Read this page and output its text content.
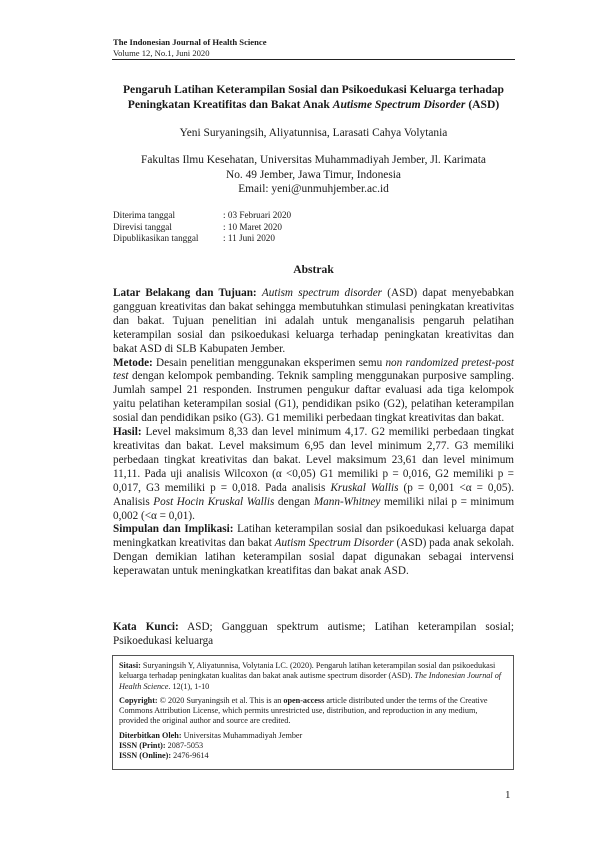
The Indonesian Journal of Health Science
Volume 12, No.1, Juni 2020
Pengaruh Latihan Keterampilan Sosial dan Psikoedukasi Keluarga terhadap
Peningkatan Kreatifitas dan Bakat Anak Autisme Spectrum Disorder (ASD)
Yeni Suryaningsih, Aliyatunnisa, Larasati Cahya Volytania
Fakultas Ilmu Kesehatan, Universitas Muhammadiyah Jember, Jl. Karimata
No. 49 Jember, Jawa Timur, Indonesia
Email: yeni@unmuhjember.ac.id
Diterima tanggal	: 03 Februari 2020
Direvisi tanggal	: 10 Maret 2020
Dipublikasikan tanggal	: 11 Juni 2020
Abstrak

Latar Belakang dan Tujuan: Autism spectrum disorder (ASD) dapat menyebabkan gangguan kreativitas dan bakat sehingga membutuhkan stimulasi peningkatan kreativitas dan bakat. Tujuan penelitian ini adalah untuk menganalisis pengaruh pelatihan keterampilan sosial dan psikoedukasi keluarga terhadap peningkatan kreativitas dan bakat ASD di SLB Kabupaten Jember.

Metode: Desain penelitian menggunakan eksperimen semu non randomized pretest-post test dengan kelompok pembanding. Teknik sampling menggunakan purposive sampling. Jumlah sampel 21 responden. Instrumen pengukur daftar evaluasi ada tiga kelompok yaitu pelatihan keterampilan sosial (G1), pendidikan psiko (G2), pelatihan keterampilan sosial dan pendidikan psiko (G3). G1 memiliki perbedaan tingkat kreativitas dan bakat.

Hasil: Level maksimum 8,33 dan level minimum 4,17. G2 memiliki perbedaan tingkat kreativitas dan bakat. Level maksimum 6,95 dan level minimum 2,77. G3 memiliki perbedaan tingkat kreativitas dan bakat. Level maksimum 23,61 dan level minimum 11,11. Pada uji analisis Wilcoxon (α <0,05) G1 memiliki p = 0,016, G2 memiliki p = 0,017, G3 memiliki p = 0,018. Pada analisis Kruskal Wallis (p = 0,001 <α = 0,05). Analisis Post Hocin Kruskal Wallis dengan Mann-Whitney memiliki nilai p = minimum 0,002 (<α = 0,01).

Simpulan dan Implikasi: Latihan keterampilan sosial dan psikoedukasi keluarga dapat meningkatkan kreativitas dan bakat Autism Spectrum Disorder (ASD) pada anak sekolah. Dengan demikian latihan keterampilan sosial dapat digunakan sebagai intervensi keperawatan untuk meningkatkan kreatifitas dan bakat anak ASD.

Kata Kunci: ASD; Gangguan spektrum autisme; Latihan keterampilan sosial; Psikoedukasi keluarga

Sitasi: Suryaningsih Y, Aliyatunnisa, Volytania LC. (2020). Pengaruh latihan keterampilan sosial dan psikoedukasi keluarga terhadap peningkatan kualitas dan bakat anak autisme spectrum disorder (ASD). The Indonesian Journal of Health Science. 12(1), 1-10

Copyright: © 2020 Suryaningsih et al. This is an open-access article distributed under the terms of the Creative Commons Attribution License, which permits unrestricted use, distribution, and reproduction in any medium, provided the original author and source are credited.

Diterbitkan Oleh: Universitas Muhammadiyah Jember
ISSN (Print): 2087-5053
ISSN (Online): 2476-9614
1
